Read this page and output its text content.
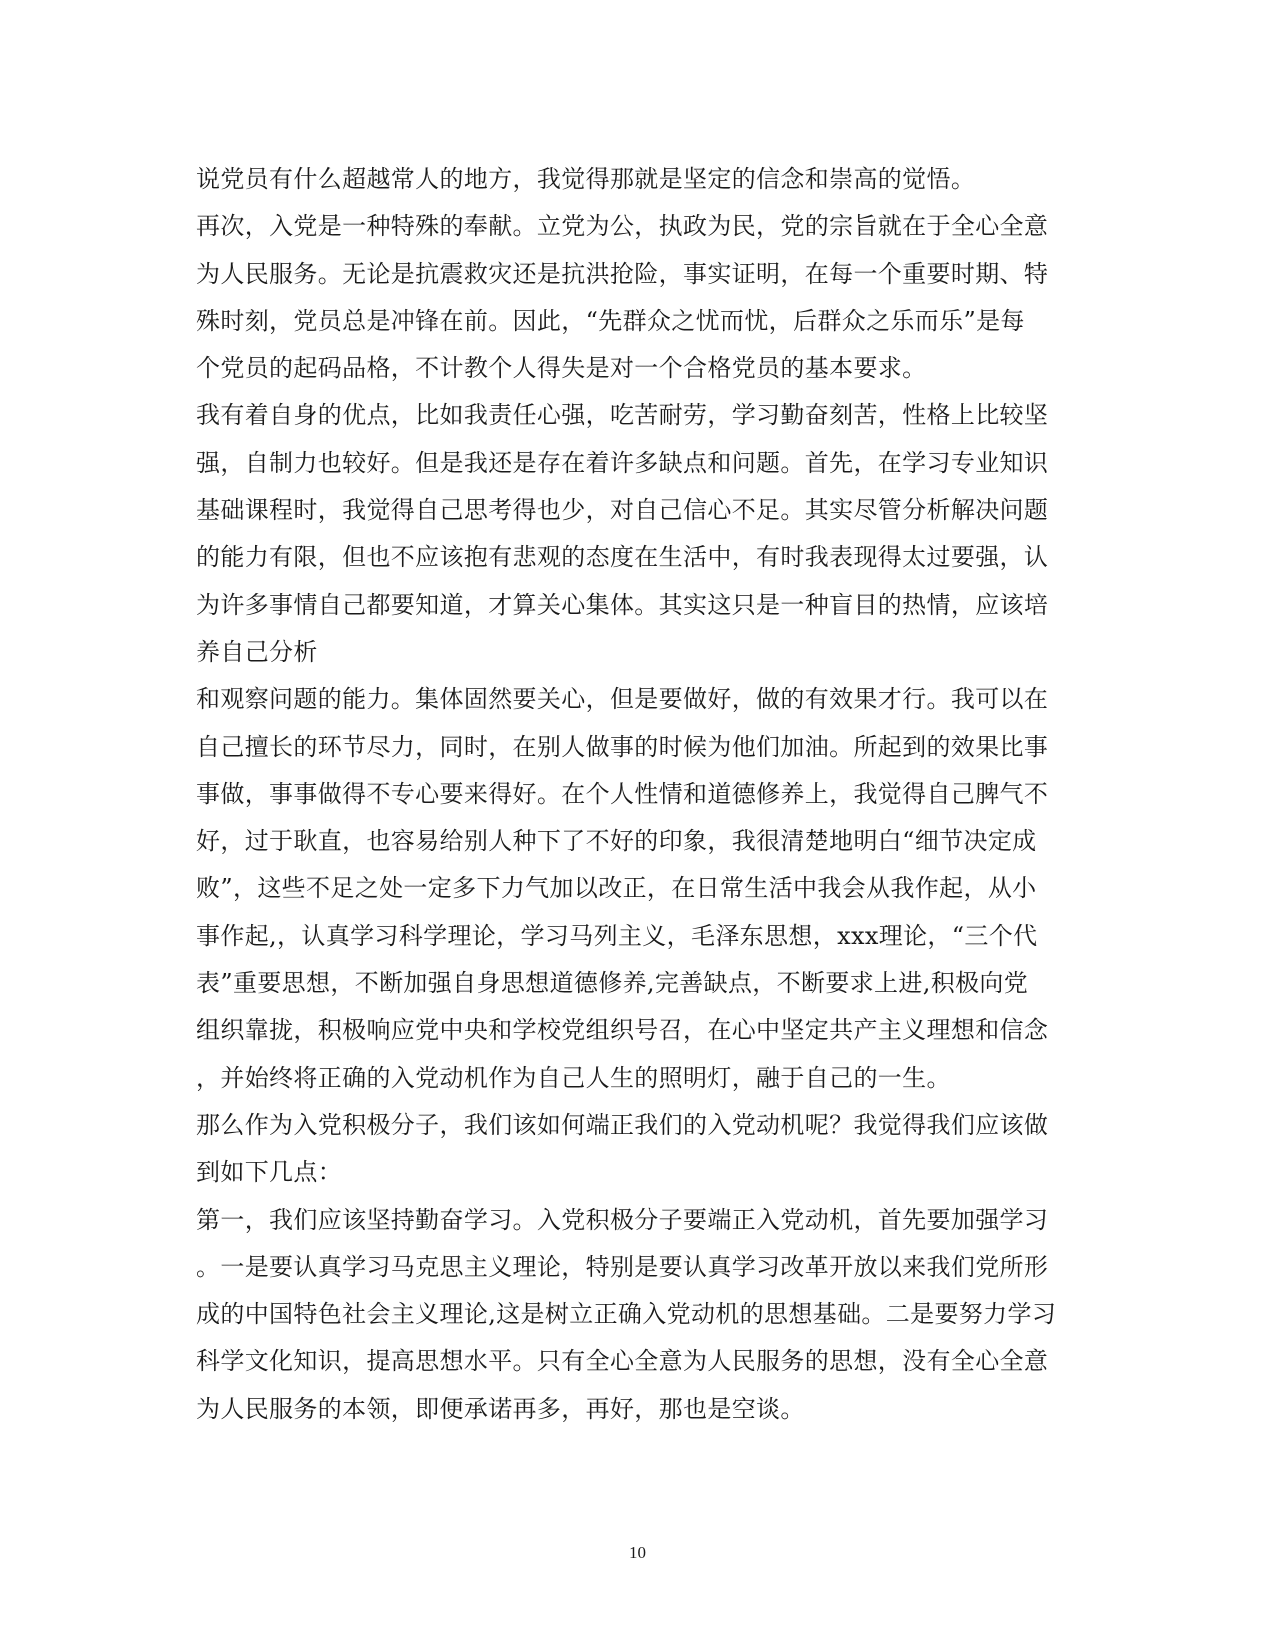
说党员有什么超越常人的地方，我觉得那就是坚定的信念和崇高的觉悟。
再次，入党是一种特殊的奉献。立党为公，执政为民，党的宗旨就在于全心全意
为人民服务。无论是抗震救灾还是抗洪抢险，事实证明，在每一个重要时期、特
殊时刻，党员总是冲锋在前。因此，“先群众之忧而忧，后群众之乐而乐”是每
个党员的起码品格，不计教个人得失是对一个合格党员的基本要求。
我有着自身的优点，比如我责任心强，吃苦耐劳，学习勤奋刻苦，性格上比较坚
强，自制力也较好。但是我还是存在着许多缺点和问题。首先，在学习专业知识
基础课程时，我觉得自己思考得也少，对自己信心不足。其实尽管分析解决问题
的能力有限，但也不应该抱有悲观的态度在生活中，有时我表现得太过要强，认
为许多事情自己都要知道，才算关心集体。其实这只是一种盲目的热情，应该培
养自己分析
和观察问题的能力。集体固然要关心，但是要做好，做的有效果才行。我可以在
自己擅长的环节尽力，同时，在别人做事的时候为他们加油。所起到的效果比事
事做，事事做得不专心要来得好。在个人性情和道德修养上，我觉得自己脾气不
好，过于耿直，也容易给别人种下了不好的印象，我很清楚地明白“细节决定成
败”，这些不足之处一定多下力气加以改正，在日常生活中我会从我作起，从小
事作起,，认真学习科学理论，学习马列主义，毛泽东思想，xxx理论，“三个代
表”重要思想，不断加强自身思想道德修养,完善缺点，不断要求上进,积极向党
组织靠拢，积极响应党中央和学校党组织号召，在心中坚定共产主义理想和信念
，并始终将正确的入党动机作为自己人生的照明灯，融于自己的一生。
那么作为入党积极分子，我们该如何端正我们的入党动机呢？我觉得我们应该做
到如下几点：
第一，我们应该坚持勤奋学习。入党积极分子要端正入党动机，首先要加强学习
。一是要认真学习马克思主义理论，特别是要认真学习改革开放以来我们党所形
成的中国特色社会主义理论,这是树立正确入党动机的思想基础。二是要努力学习
科学文化知识，提高思想水平。只有全心全意为人民服务的思想，没有全心全意
为人民服务的本领，即便承诺再多，再好，那也是空谈。
10
